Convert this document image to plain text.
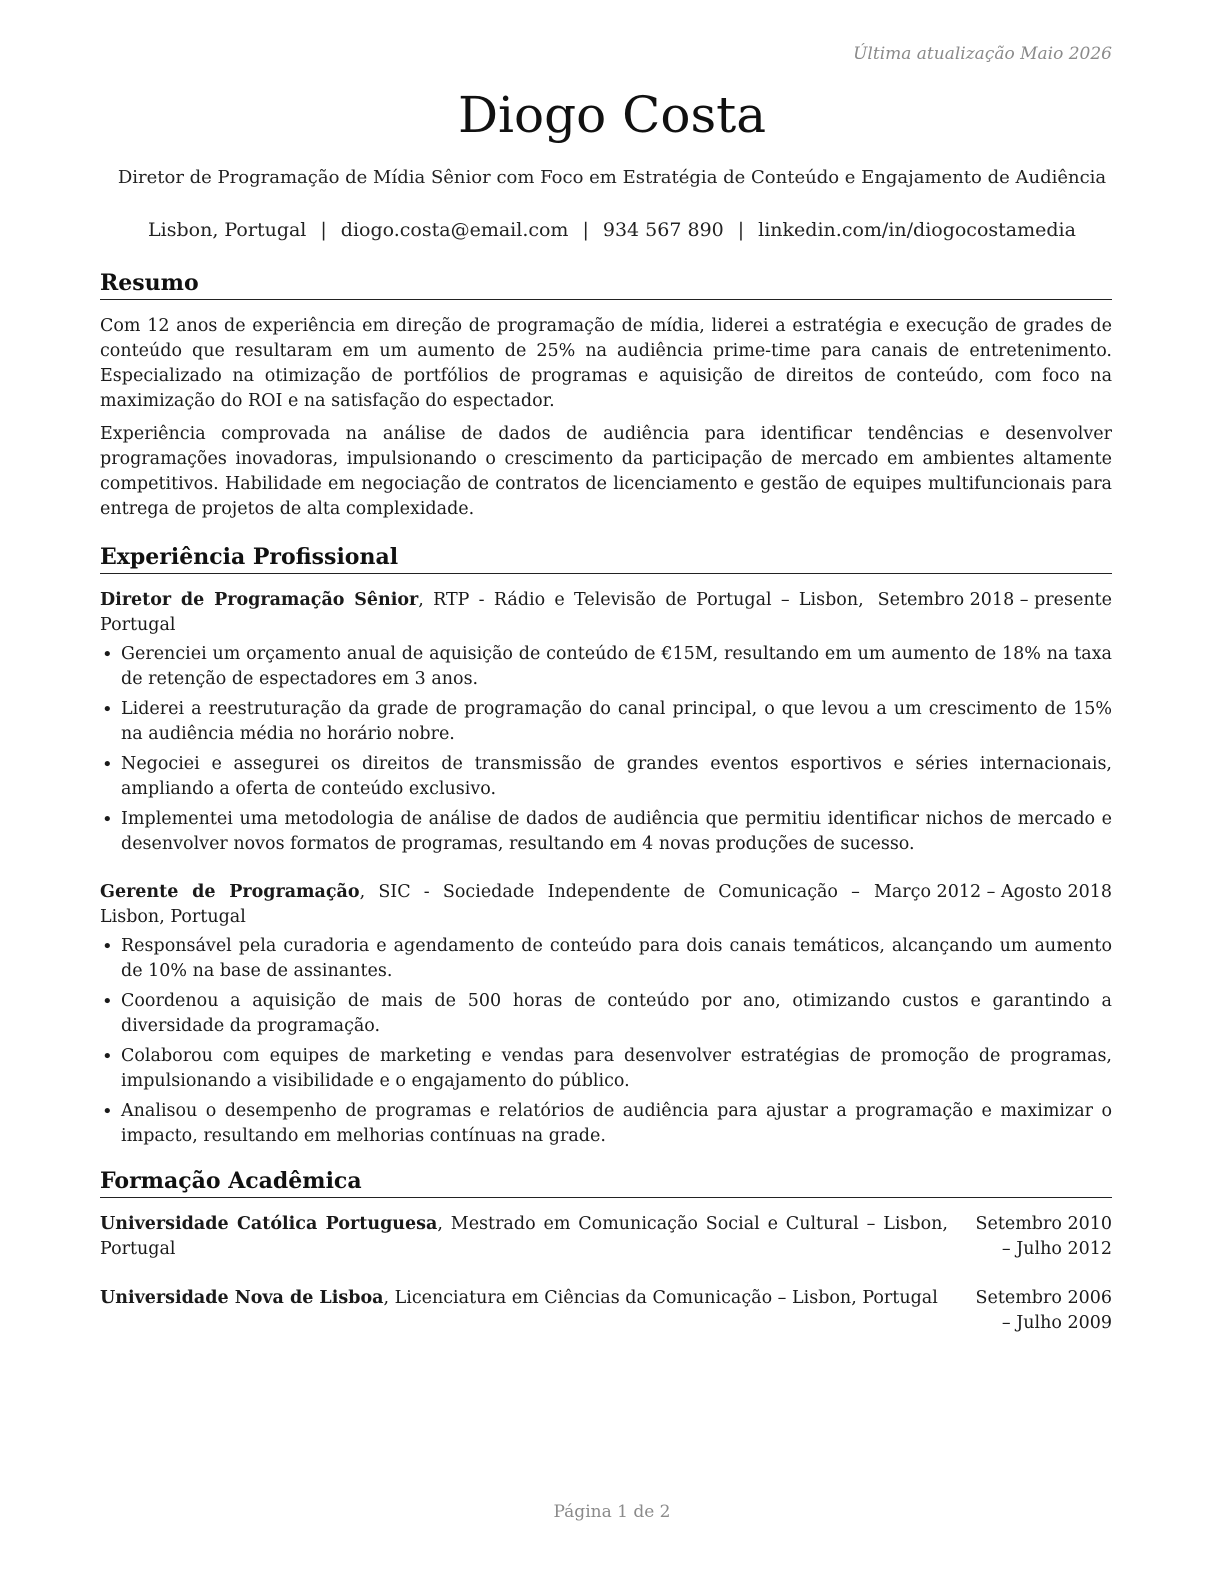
Última atualização Maio 2026
Diogo Costa
Diretor de Programação de Mídia Sênior com Foco em Estratégia de Conteúdo e Engajamento de Audiência
Lisbon, Portugal | diogo.costa@email.com | 934 567 890 | linkedin.com/in/diogocostamedia
Resumo

Com 12 anos de experiência em direção de programação de mídia, liderei a estratégia e execução de grades de conteúdo que resultaram em um aumento de 25% na audiência prime-time para canais de entretenimento. Especializado na otimização de portfólios de programas e aquisição de direitos de conteúdo, com foco na maximização do ROI e na satisfação do espectador.

Experiência comprovada na análise de dados de audiência para identificar tendências e desenvolver programações inovadoras, impulsionando o crescimento da participação de mercado em ambientes altamente competitivos. Habilidade em negociação de contratos de licenciamento e gestão de equipes multifuncionais para entrega de projetos de alta complexidade.

Experiência Profissional
Diretor de Programação Sênior, RTP - Rádio e Televisão de Portugal – Lisbon, Portugal
Setembro 2018 – presente
• Gerenciei um orçamento anual de aquisição de conteúdo de €15M, resultando em um aumento de 18% na taxa de retenção de espectadores em 3 anos.
• Liderei a reestruturação da grade de programação do canal principal, o que levou a um crescimento de 15% na audiência média no horário nobre.
• Negociei e assegurei os direitos de transmissão de grandes eventos esportivos e séries internacionais, ampliando a oferta de conteúdo exclusivo.
• Implementei uma metodologia de análise de dados de audiência que permitiu identificar nichos de mercado e desenvolver novos formatos de programas, resultando em 4 novas produções de sucesso.
Gerente de Programação, SIC - Sociedade Independente de Comunicação – Lisbon, Portugal
Março 2012 – Agosto 2018
• Responsável pela curadoria e agendamento de conteúdo para dois canais temáticos, alcançando um aumento de 10% na base de assinantes.
• Coordenou a aquisição de mais de 500 horas de conteúdo por ano, otimizando custos e garantindo a diversidade da programação.
• Colaborou com equipes de marketing e vendas para desenvolver estratégias de promoção de programas, impulsionando a visibilidade e o engajamento do público.
• Analisou o desempenho de programas e relatórios de audiência para ajustar a programação e maximizar o impacto, resultando em melhorias contínuas na grade.
Formação Acadêmica
Universidade Católica Portuguesa, Mestrado em Comunicação Social e Cultural – Lisbon, Portugal
Setembro 2010 – Julho 2012
Universidade Nova de Lisboa, Licenciatura em Ciências da Comunicação – Lisbon, Portugal	Setembro 2006 – Julho 2009
Página 1 de 2
